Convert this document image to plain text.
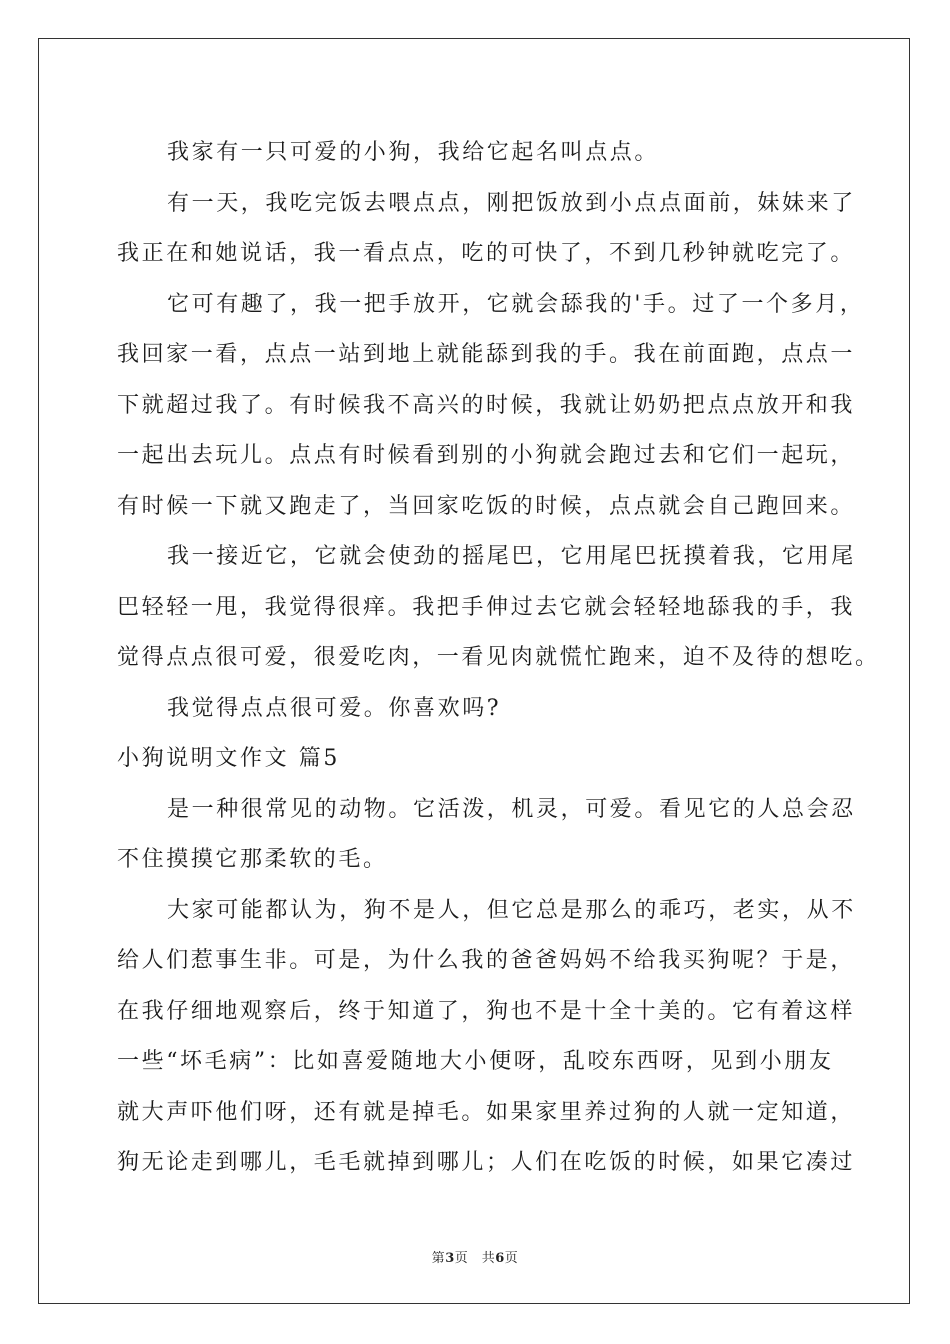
我家有一只可爱的小狗，我给它起名叫点点。

有一天，我吃完饭去喂点点，刚把饭放到小点点面前，妹妹来了

我正在和她说话，我一看点点，吃的可快了，不到几秒钟就吃完了。

它可有趣了，我一把手放开，它就会舔我的'手。过了一个多月，

我回家一看，点点一站到地上就能舔到我的手。我在前面跑，点点一

下就超过我了。有时候我不高兴的时候，我就让奶奶把点点放开和我

一起出去玩儿。点点有时候看到别的小狗就会跑过去和它们一起玩，

有时候一下就又跑走了，当回家吃饭的时候，点点就会自己跑回来。

我一接近它，它就会使劲的摇尾巴，它用尾巴抚摸着我，它用尾

巴轻轻一甩，我觉得很痒。我把手伸过去它就会轻轻地舔我的手，我

觉得点点很可爱，很爱吃肉，一看见肉就慌忙跑来，迫不及待的想吃。

我觉得点点很可爱。你喜欢吗?

小狗说明文作文 篇5

是一种很常见的动物。它活泼，机灵，可爱。看见它的人总会忍

不住摸摸它那柔软的毛。

大家可能都认为，狗不是人，但它总是那么的乖巧，老实，从不

给人们惹事生非。可是，为什么我的爸爸妈妈不给我买狗呢？于是，

在我仔细地观察后，终于知道了，狗也不是十全十美的。它有着这样

一些“坏毛病”：比如喜爱随地大小便呀，乱咬东西呀，见到小朋友

就大声吓他们呀，还有就是掉毛。如果家里养过狗的人就一定知道，

狗无论走到哪儿，毛毛就掉到哪儿；人们在吃饭的时候，如果它凑过

第3页　共6页
